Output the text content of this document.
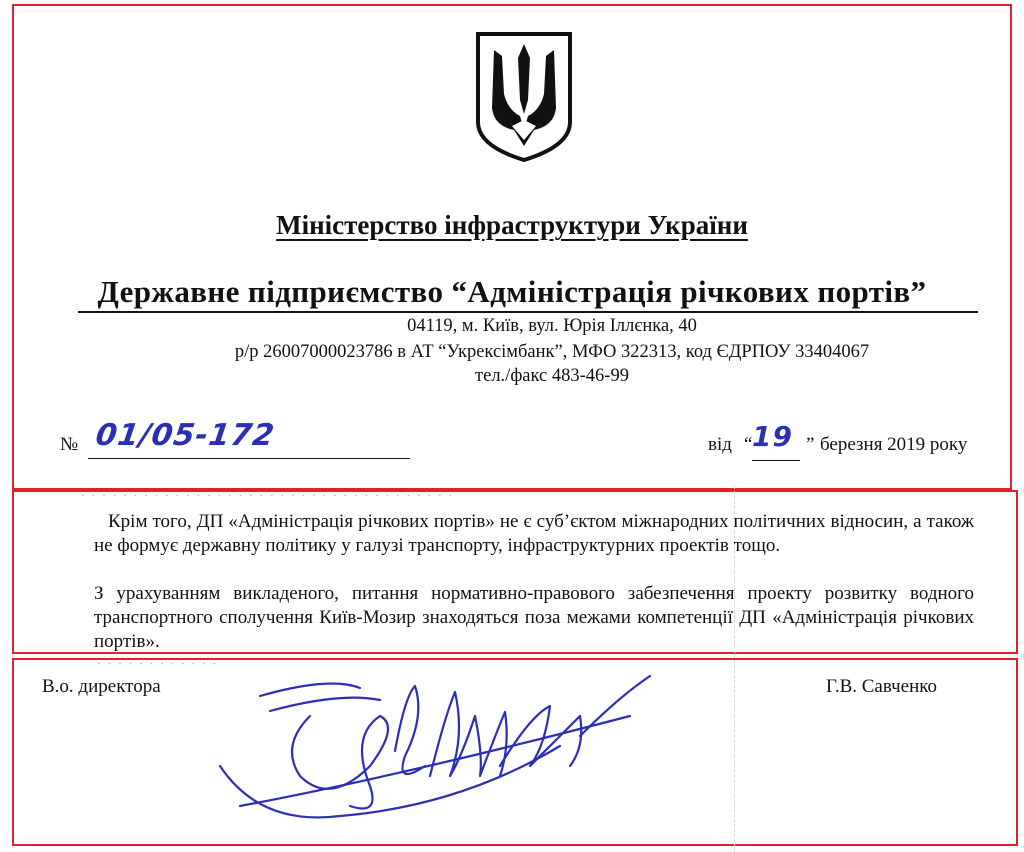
Міністерство інфраструктури України
Державне підприємство “Адміністрація річкових портів”
04119, м. Київ, вул. Юрія Іллєнка, 40
р/р 26007000023786 в АТ “Укрексімбанк”, МФО 322313, код ЄДРПОУ 33404067
тел./факс 483-46-99
· · · · · · · · · · · · · · · · · · · · · · · · · · · · · · · · · · · ·
№ 01/05-172	від “ 19 ” березня 2019 року
Крім того, ДП «Адміністрація річкових портів» не є суб’єктом міжнародних політичних відносин, а також не формує державну політику у галузі транспорту, інфраструктурних проектів тощо.
З урахуванням викладеного, питання нормативно-правового забезпечення проекту розвитку водного транспортного сполучення Київ-Мозир знаходяться поза межами компетенції ДП «Адміністрація річкових портів».
· · · · · · · · · · · ·
В.о. директора	Г.В. Савченко
